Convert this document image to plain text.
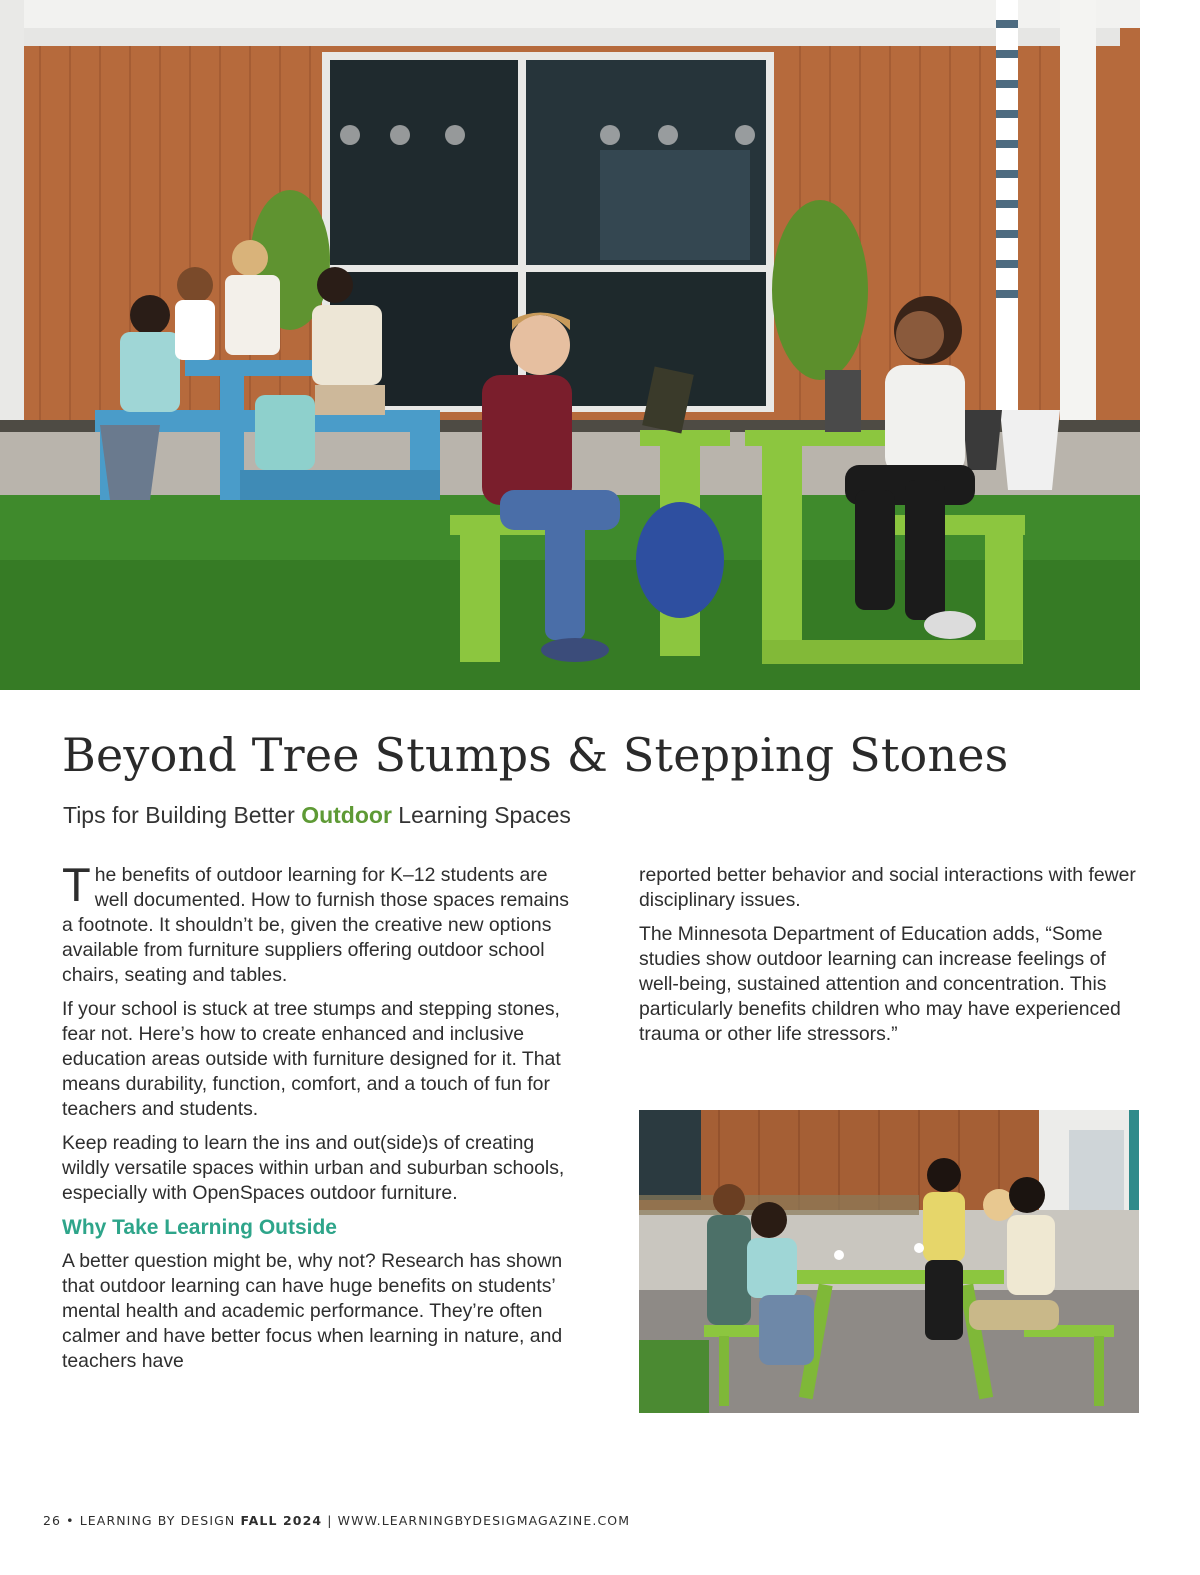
Beyond Tree Stumps & Stepping Stones
Tips for Building Better Outdoor Learning Spaces

The benefits of outdoor learning for K–12 students are well documented. How to furnish those spaces remains a footnote. It shouldn’t be, given the creative new options available from furniture suppliers offering outdoor school chairs, seating and tables.

If your school is stuck at tree stumps and stepping stones, fear not. Here’s how to create enhanced and inclusive education areas outside with furniture designed for it. That means durability, function, comfort, and a touch of fun for teachers and students.

Keep reading to learn the ins and out(side)s of creating wildly versatile spaces within urban and suburban schools, especially with OpenSpaces outdoor furniture.

Why Take Learning Outside

A better question might be, why not? Research has shown that outdoor learning can have huge benefits on students’ mental health and academic performance. They’re often calmer and have better focus when learning in nature, and teachers have

reported better behavior and social interactions with fewer disciplinary issues.

The Minnesota Department of Education adds, “Some studies show outdoor learning can increase feelings of well-being, sustained attention and concentration. This particularly benefits children who may have experienced trauma or other life stressors.”

26 • LEARNING BY DESIGN FALL 2024 | WWW.LEARNINGBYDESIGMAGAZINE.COM
